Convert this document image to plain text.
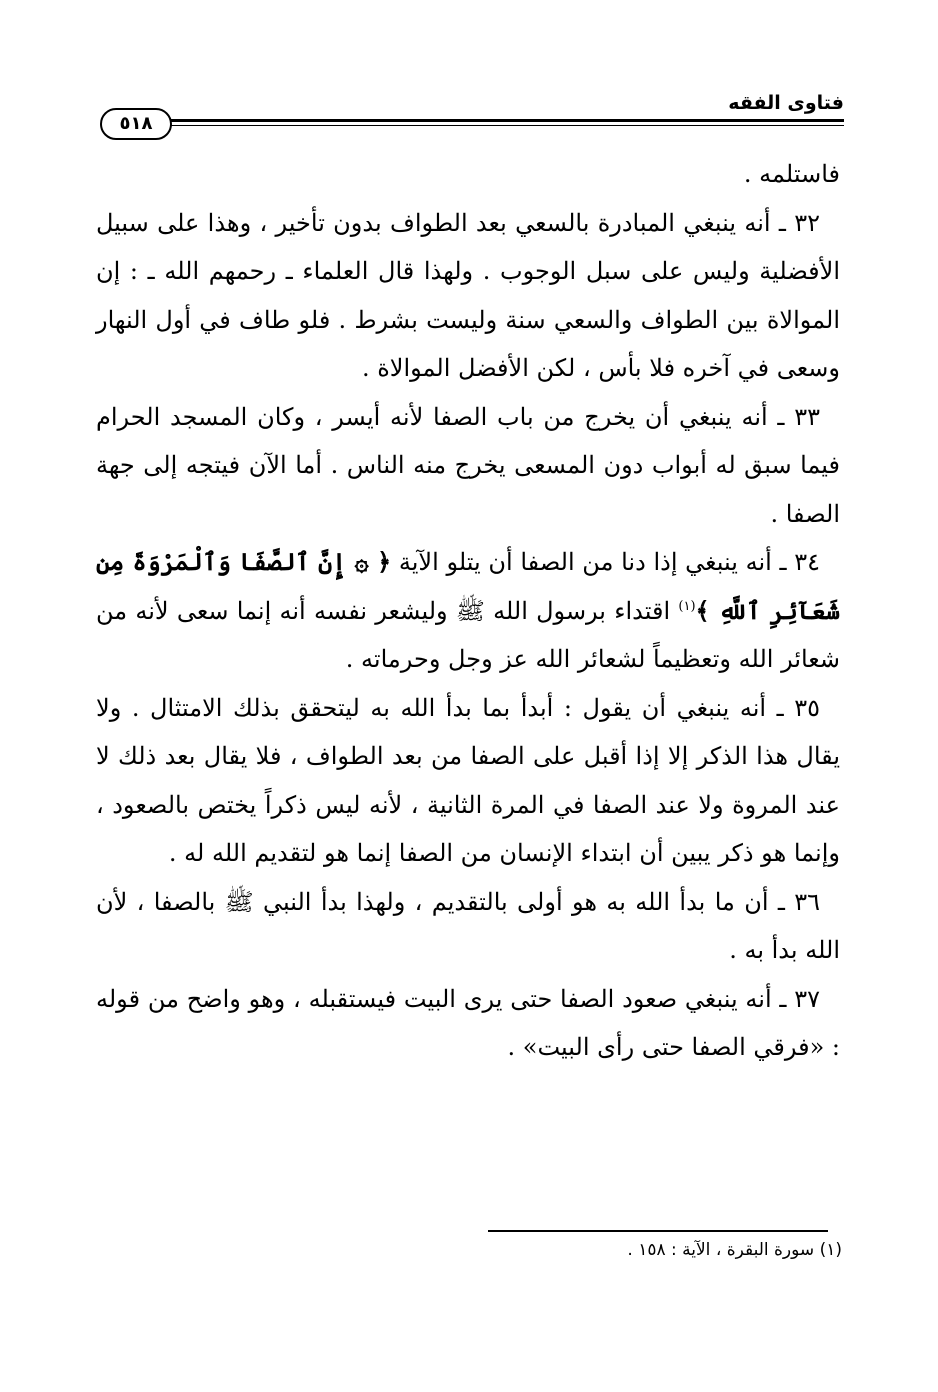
فتاوى الفقه
٥١٨

فاستلمه .

٣٢ ـ أنه ينبغي المبادرة بالسعي بعد الطواف بدون تأخير ، وهذا على سبيل الأفضلية وليس على سبل الوجوب . ولهذا قال العلماء ـ رحمهم الله ـ : إن الموالاة بين الطواف والسعي سنة وليست بشرط . فلو طاف في أول النهار وسعى في آخره فلا بأس ، لكن الأفضل الموالاة .

٣٣ ـ أنه ينبغي أن يخرج من باب الصفا لأنه أيسر ، وكان المسجد الحرام فيما سبق له أبواب دون المسعى يخرج منه الناس . أما الآن فيتجه إلى جهة الصفا .

٣٤ ـ أنه ينبغي إذا دنا من الصفا أن يتلو الآية ﴿ ۞ إِنَّ ٱلصَّفَا وَٱلْمَرْوَةَ مِن شَعَآئِرِ ٱللَّهِ ﴾$^{(١)}$ اقتداء برسول الله ﷺ وليشعر نفسه أنه إنما سعى لأنه من شعائر الله وتعظيماً لشعائر الله عز وجل وحرماته .

٣٥ ـ أنه ينبغي أن يقول : أبدأ بما بدأ الله به ليتحقق بذلك الامتثال . ولا يقال هذا الذكر إلا إذا أقبل على الصفا من بعد الطواف ، فلا يقال بعد ذلك لا عند المروة ولا عند الصفا في المرة الثانية ، لأنه ليس ذكراً يختص بالصعود ، وإنما هو ذكر يبين أن ابتداء الإنسان من الصفا إنما هو لتقديم الله له .

٣٦ ـ أن ما بدأ الله به هو أولى بالتقديم ، ولهذا بدأ النبي ﷺ بالصفا ، لأن الله بدأ به .

٣٧ ـ أنه ينبغي صعود الصفا حتى يرى البيت فيستقبله ، وهو واضح من قوله : «فرقي الصفا حتى رأى البيت» .

(١) سورة البقرة ، الآية : ١٥٨ .
